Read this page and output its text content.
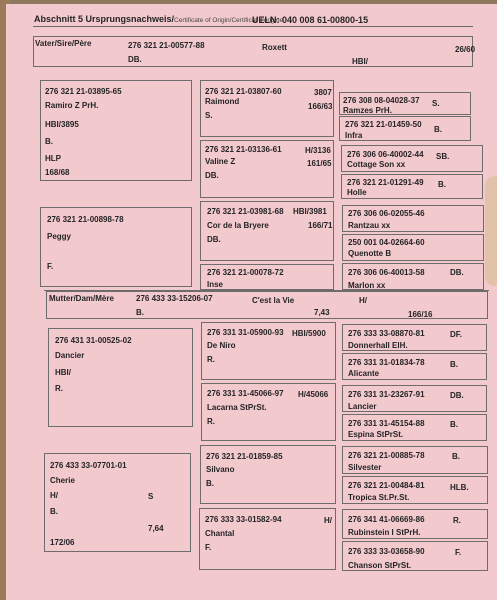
Abschnitt 5 Ursprungsnachweis/Certificate of Origin/Certificat d'origine
UELN: 040 008 61-00800-15
Vater/Sire/Père	276 321 21-00577-88	Roxett	26/60
DB.	HBI/
276 321 21-03895-65
Ramiro Z PrH.
HBI/3895
B.
HLP
168/68
276 321 21-00898-78
Peggy
F.
276 321 21-03807-60	3807
Raimond
166/63
S.
276 321 21-03136-61	H/3136
Valine Z	161/65
DB.
276 321 21-03981-68 HBI/3981
Cor de la Bryere	166/71
DB.
276 321 21-00078-72
Inse
276 308 08-04028-37 S.
Ramzes PrH.
276 321 21-01459-50
B.
Infra
276 306 06-40002-44 SB.
Cottage Son xx
276 321 21-01291-49 B.
Holle
276 306 06-02055-46
Rantzau xx
250 001 04-02664-60
Quenotte B
276 306 06-40013-58	DB.
Marlon xx
Mutter/Dam/Mère	276 433 33-15206-07	C'est la Vie	H/
B.	7,43	166/16
276 431 31-00525-02
Dancier
HBI/
R.
276 433 33-07701-01
Cherie
H/	S
B.
7,64
172/06
276 331 31-05900-93 HBI/5900
De Niro
R.
276 331 31-45066-97 H/45066
Lacarna StPrSt.
R.
276 321 21-01859-85
Silvano
B.
276 333 33-01582-94	H/
Chantal
F.
276 333 33-08870-81	DF.
Donnerhall ElH.
276 331 31-01834-78	B.
Alicante
276 331 31-23267-91	DB.
Lancier
276 331 31-45154-88	B.
Espina StPrSt.
276 321 21-00885-78	B.
Silvester
276 321 21-00484-81	HLB.
Tropica St.Pr.St.
276 341 41-06669-86	R.
Rubinstein I StPrH.
276 333 33-03658-90	F.
Chanson StPrSt.
